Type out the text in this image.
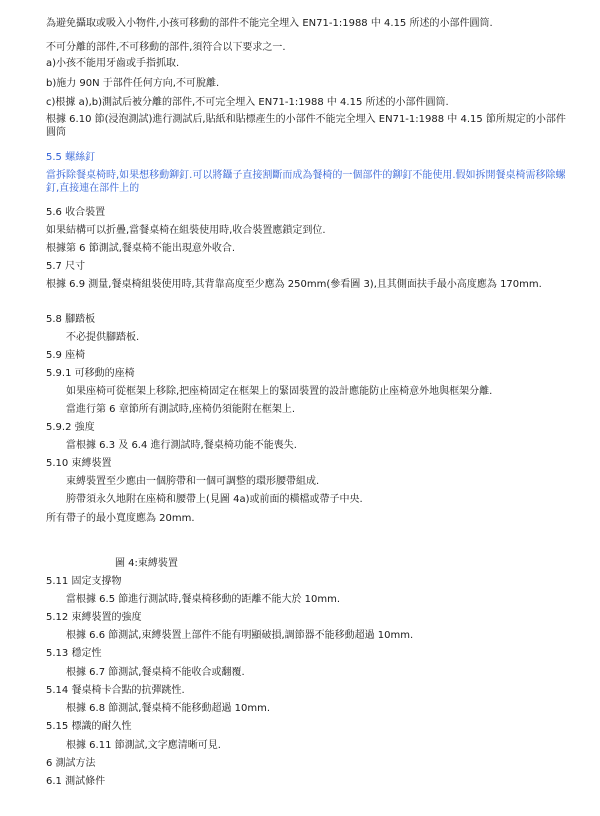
為避免攝取或吸入小物件,小孩可移動的部件不能完全埋入 EN71-1:1988 中 4.15 所述的小部件圓筒.
不可分離的部件,不可移動的部件,須符合以下要求之一.
a)小孩不能用牙齒或手指抓取.
b)施力 90N 于部件任何方向,不可脫離.
c)根據 a),b)測試后被分離的部件,不可完全埋入 EN71-1:1988 中 4.15 所述的小部件圓筒.
根據 6.10 節(浸泡測試)進行測試后,貼紙和貼標產生的小部件不能完全埋入 EN71-1:1988 中 4.15 節所規定的小部件圓筒
5.5 螺絲釘
當拆除餐桌椅時,如果想移動鉚釘.可以將鑷子直接割斷而成為餐椅的一個部件的鉚釘不能使用.假如拆開餐桌椅需移除螺釘,直接連在部件上的
5.6 收合裝置
如果結構可以折疊,當餐桌椅在組裝使用時,收合裝置應鎖定到位.
根據第 6 節測試,餐桌椅不能出現意外收合.
5.7 尺寸
根據 6.9 測量,餐桌椅組裝使用時,其背靠高度至少應為 250mm(參看圖 3),且其側面扶手最小高度應為 170mm.
5.8 腳踏板
不必提供腳踏板.
5.9 座椅
5.9.1 可移動的座椅
如果座椅可從框架上移除,把座椅固定在框架上的緊固裝置的設計應能防止座椅意外地與框架分離.
當進行第 6 章節所有測試時,座椅仍須能附在框架上.
5.9.2 強度
當根據 6.3 及 6.4 進行測試時,餐桌椅功能不能喪失.
5.10 束縛裝置
束縛裝置至少應由一個胯帶和一個可調整的環形腰帶組成.
胯帶須永久地附在座椅和腰帶上(見圖 4a)或前面的橫檔或帶子中央.
所有帶子的最小寬度應為 20mm.
圖 4:束縛裝置
5.11 固定支撐物
當根據 6.5 節進行測試時,餐桌椅移動的距離不能大於 10mm.
5.12 束縛裝置的強度
根據 6.6 節測試,束縛裝置上部件不能有明顯破損,調節器不能移動超過 10mm.
5.13 穩定性
根據 6.7 節測試,餐桌椅不能收合或翻覆.
5.14 餐桌椅卡合點的抗彈跳性.
根據 6.8 節測試,餐桌椅不能移動超過 10mm.
5.15 標識的耐久性
根據 6.11 節測試,文字應清晰可見.
6 測試方法
6.1 測試條件
